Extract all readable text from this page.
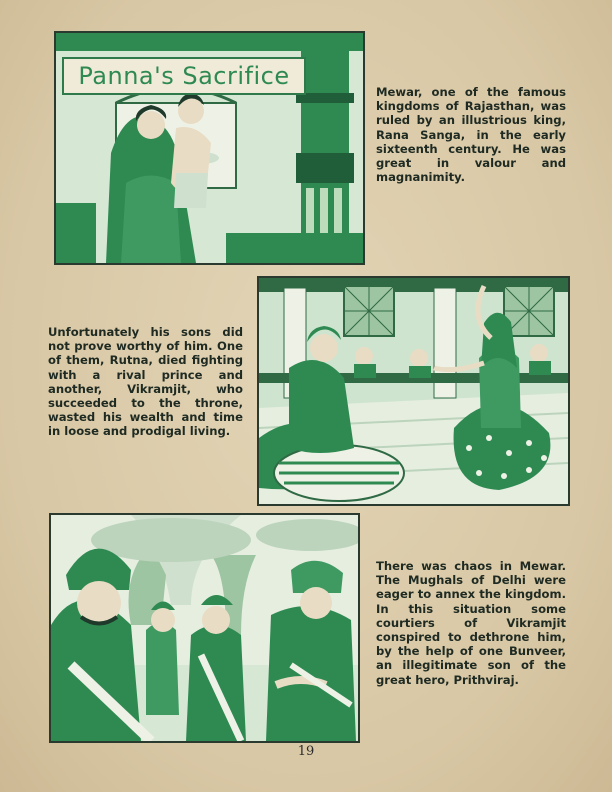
Panna's Sacrifice
Mewar, one of the famous kingdoms of Rajasthan, was ruled by an illustrious king, Rana Sanga, in the early sixteenth century. He was great in valour and magnanimity.
Unfortunately his sons did not prove worthy of him. One of them, Rutna, died fighting with a rival prince and another, Vikramjit, who succeeded to the throne, wasted his wealth and time in loose and prodigal living.
There was chaos in Mewar. The Mughals of Delhi were eager to annex the kingdom. In this situation some courtiers of Vikramjit conspired to dethrone him, by the help of one Bunveer, an illegitimate son of the great hero, Prithviraj.
19
